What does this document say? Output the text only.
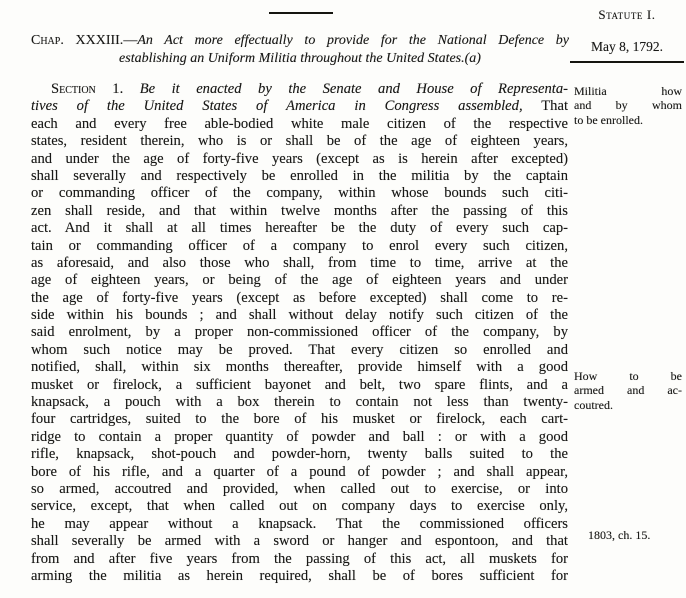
Statute I.
Chap. XXXIII.—An Act more effectually to provide for the National Defence by
establishing an Uniform Militia throughout the United States.(a)
May 8, 1792.
Section 1. Be it enacted by the Senate and House of Representa-
tives of the United States of America in Congress assembled, That
each and every free able-bodied white male citizen of the respective
states, resident therein, who is or shall be of the age of eighteen years,
and under the age of forty-five years (except as is herein after excepted)
shall severally and respectively be enrolled in the militia by the captain
or commanding officer of the company, within whose bounds such citi-
zen shall reside, and that within twelve months after the passing of this
act. And it shall at all times hereafter be the duty of every such cap-
tain or commanding officer of a company to enrol every such citizen,
as aforesaid, and also those who shall, from time to time, arrive at the
age of eighteen years, or being of the age of eighteen years and under
the age of forty-five years (except as before excepted) shall come to re-
side within his bounds ; and shall without delay notify such citizen of the
said enrolment, by a proper non-commissioned officer of the company, by
whom such notice may be proved. That every citizen so enrolled and
notified, shall, within six months thereafter, provide himself with a good
musket or firelock, a sufficient bayonet and belt, two spare flints, and a
knapsack, a pouch with a box therein to contain not less than twenty-
four cartridges, suited to the bore of his musket or firelock, each cart-
ridge to contain a proper quantity of powder and ball : or with a good
rifle, knapsack, shot-pouch and powder-horn, twenty balls suited to the
bore of his rifle, and a quarter of a pound of powder ; and shall appear,
so armed, accoutred and provided, when called out to exercise, or into
service, except, that when called out on company days to exercise only,
he may appear without a knapsack. That the commissioned officers
shall severally be armed with a sword or hanger and espontoon, and that
from and after five years from the passing of this act, all muskets for
arming the militia as herein required, shall be of bores sufficient for
Militia how
and by whom
to be enrolled.
How to be
armed and ac-
coutred.
1803, ch. 15.
